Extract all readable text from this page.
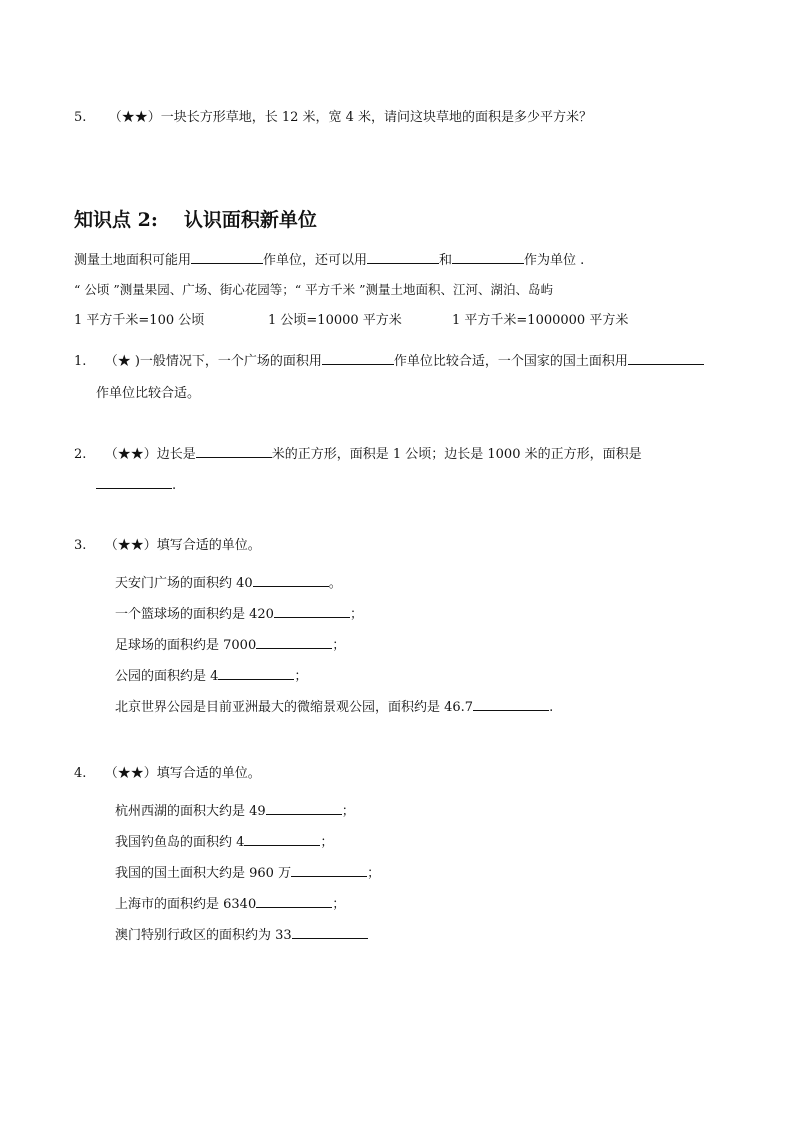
5. （★★）一块长方形草地，长 12 米，宽 4 米，请问这块草地的面积是多少平方米？
知识点 2: 认识面积新单位
测量土地面积可能用	作单位，还可以用	和	作为单位 .
“ 公顷 ”测量果园、广场、街心花园等；“ 平方千米 ”测量土地面积、江河、湖泊、岛屿
1 平方千米=100 公顷	1 公顷=10000 平方米	1 平方千米=1000000 平方米
1. （★ )一般情况下，一个广场的面积用	作单位比较合适，一个国家的国土面积用
作单位比较合适。
2. （★★）边长是	米的正方形，面积是 1 公顷；边长是 1000 米的正方形，面积是
.
3. （★★）填写合适的单位。
天安门广场的面积约 40	。
一个篮球场的面积约是 420	；
足球场的面积约是 7000	；
公园的面积约是 4	；
北京世界公园是目前亚洲最大的微缩景观公园，面积约是 46.7	.
4. （★★）填写合适的单位。
杭州西湖的面积大约是 49	；
我国钓鱼岛的面积约 4	；
我国的国土面积大约是 960 万	；
上海市的面积约是 6340	；
澳门特别行政区的面积约为 33
